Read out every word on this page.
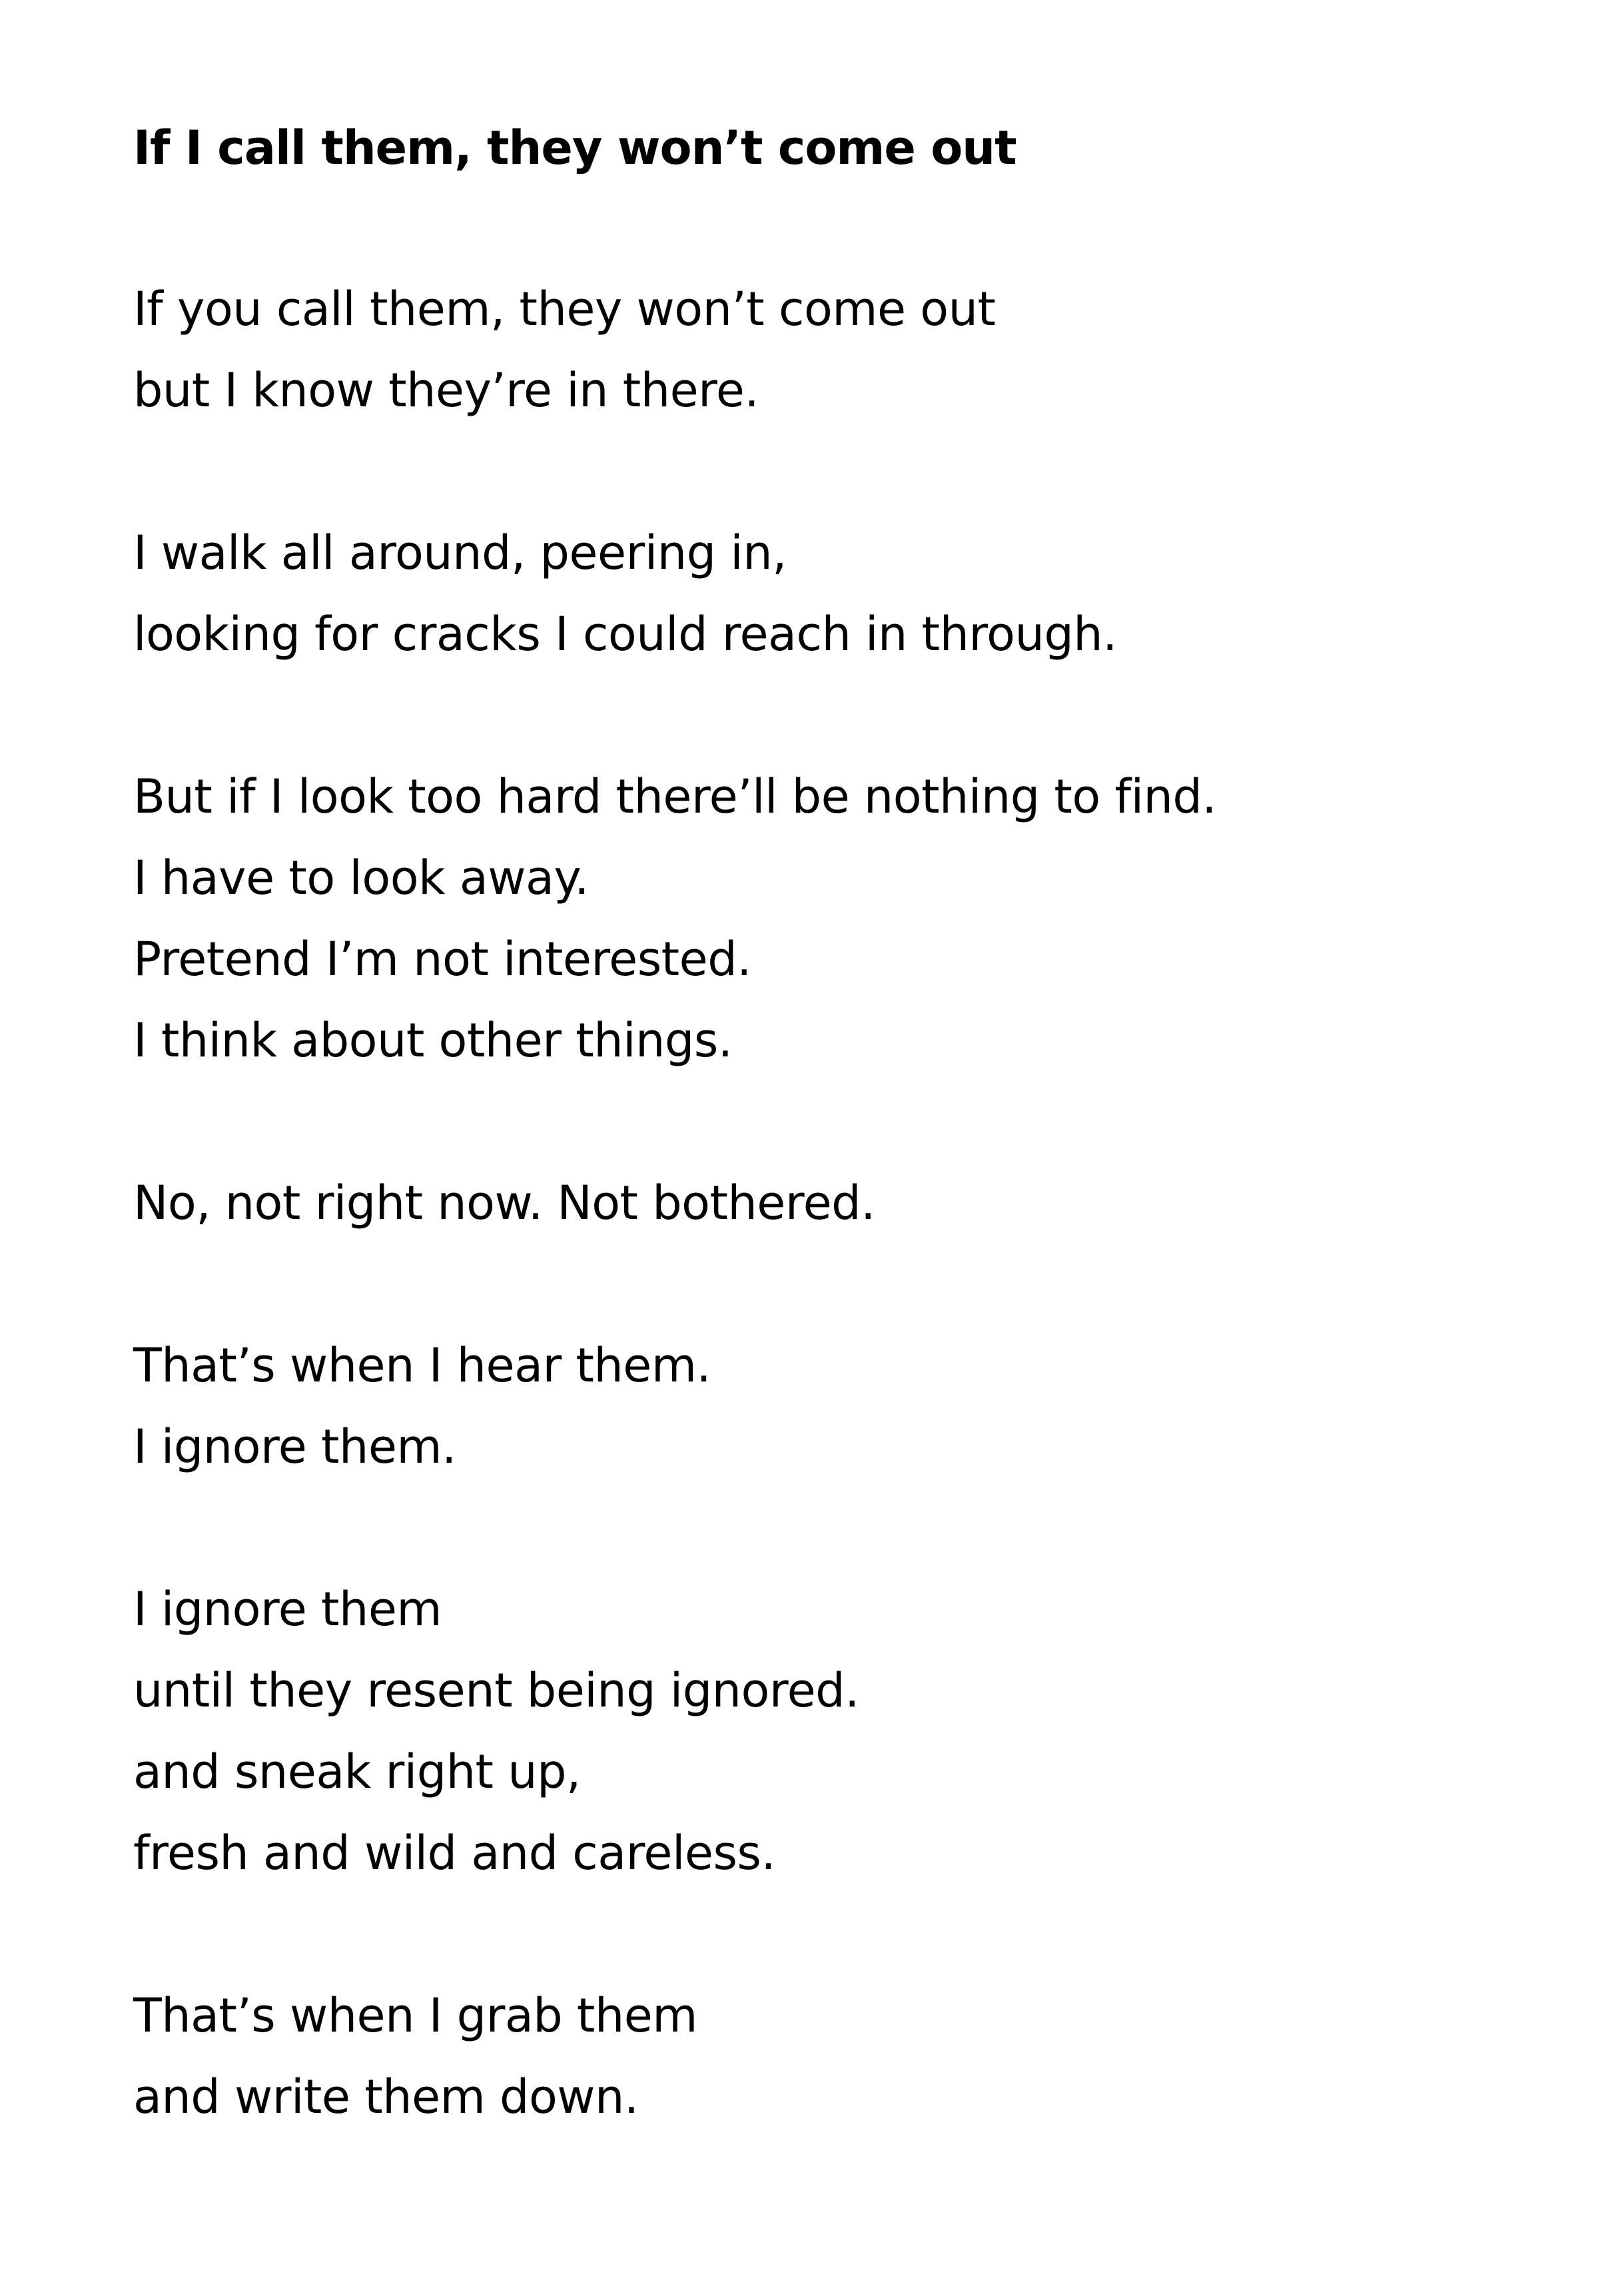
If I call them, they won’t come out

If you call them, they won’t come out

but I know they’re in there.

I walk all around, peering in,

looking for cracks I could reach in through.

But if I look too hard there’ll be nothing to find.

I have to look away.

Pretend I’m not interested.

I think about other things.

No, not right now. Not bothered.

That’s when I hear them.

I ignore them.

I ignore them

until they resent being ignored.

and sneak right up,

fresh and wild and careless.

That’s when I grab them

and write them down.
